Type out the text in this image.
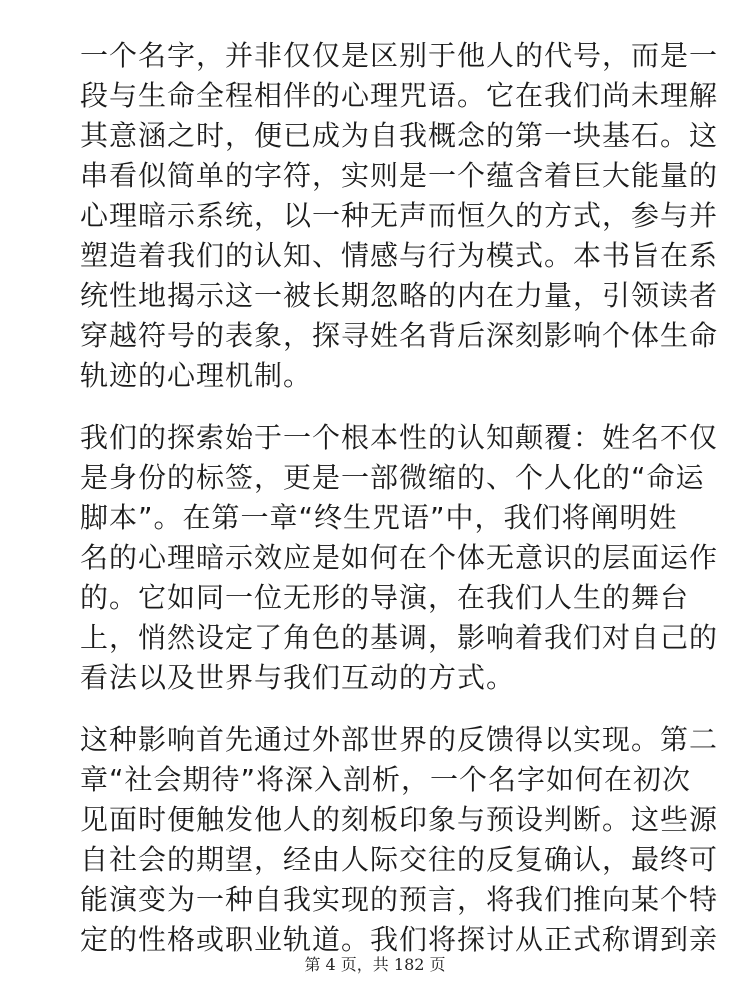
一个名字，并非仅仅是区别于他人的代号，而是一
段与生命全程相伴的心理咒语。它在我们尚未理解
其意涵之时，便已成为自我概念的第一块基石。这
串看似简单的字符，实则是一个蕴含着巨大能量的
心理暗示系统，以一种无声而恒久的方式，参与并
塑造着我们的认知、情感与行为模式。本书旨在系
统性地揭示这一被长期忽略的内在力量，引领读者
穿越符号的表象，探寻姓名背后深刻影响个体生命
轨迹的心理机制。

我们的探索始于一个根本性的认知颠覆：姓名不仅
是身份的标签，更是一部微缩的、个人化的“命运
脚本”。在第一章“终生咒语”中，我们将阐明姓
名的心理暗示效应是如何在个体无意识的层面运作
的。它如同一位无形的导演，在我们人生的舞台
上，悄然设定了角色的基调，影响着我们对自己的
看法以及世界与我们互动的方式。

这种影响首先通过外部世界的反馈得以实现。第二
章“社会期待”将深入剖析，一个名字如何在初次
见面时便触发他人的刻板印象与预设判断。这些源
自社会的期望，经由人际交往的反复确认，最终可
能演变为一种自我实现的预言，将我们推向某个特
定的性格或职业轨道。我们将探讨从正式称谓到亲

第 4 页，共 182 页
